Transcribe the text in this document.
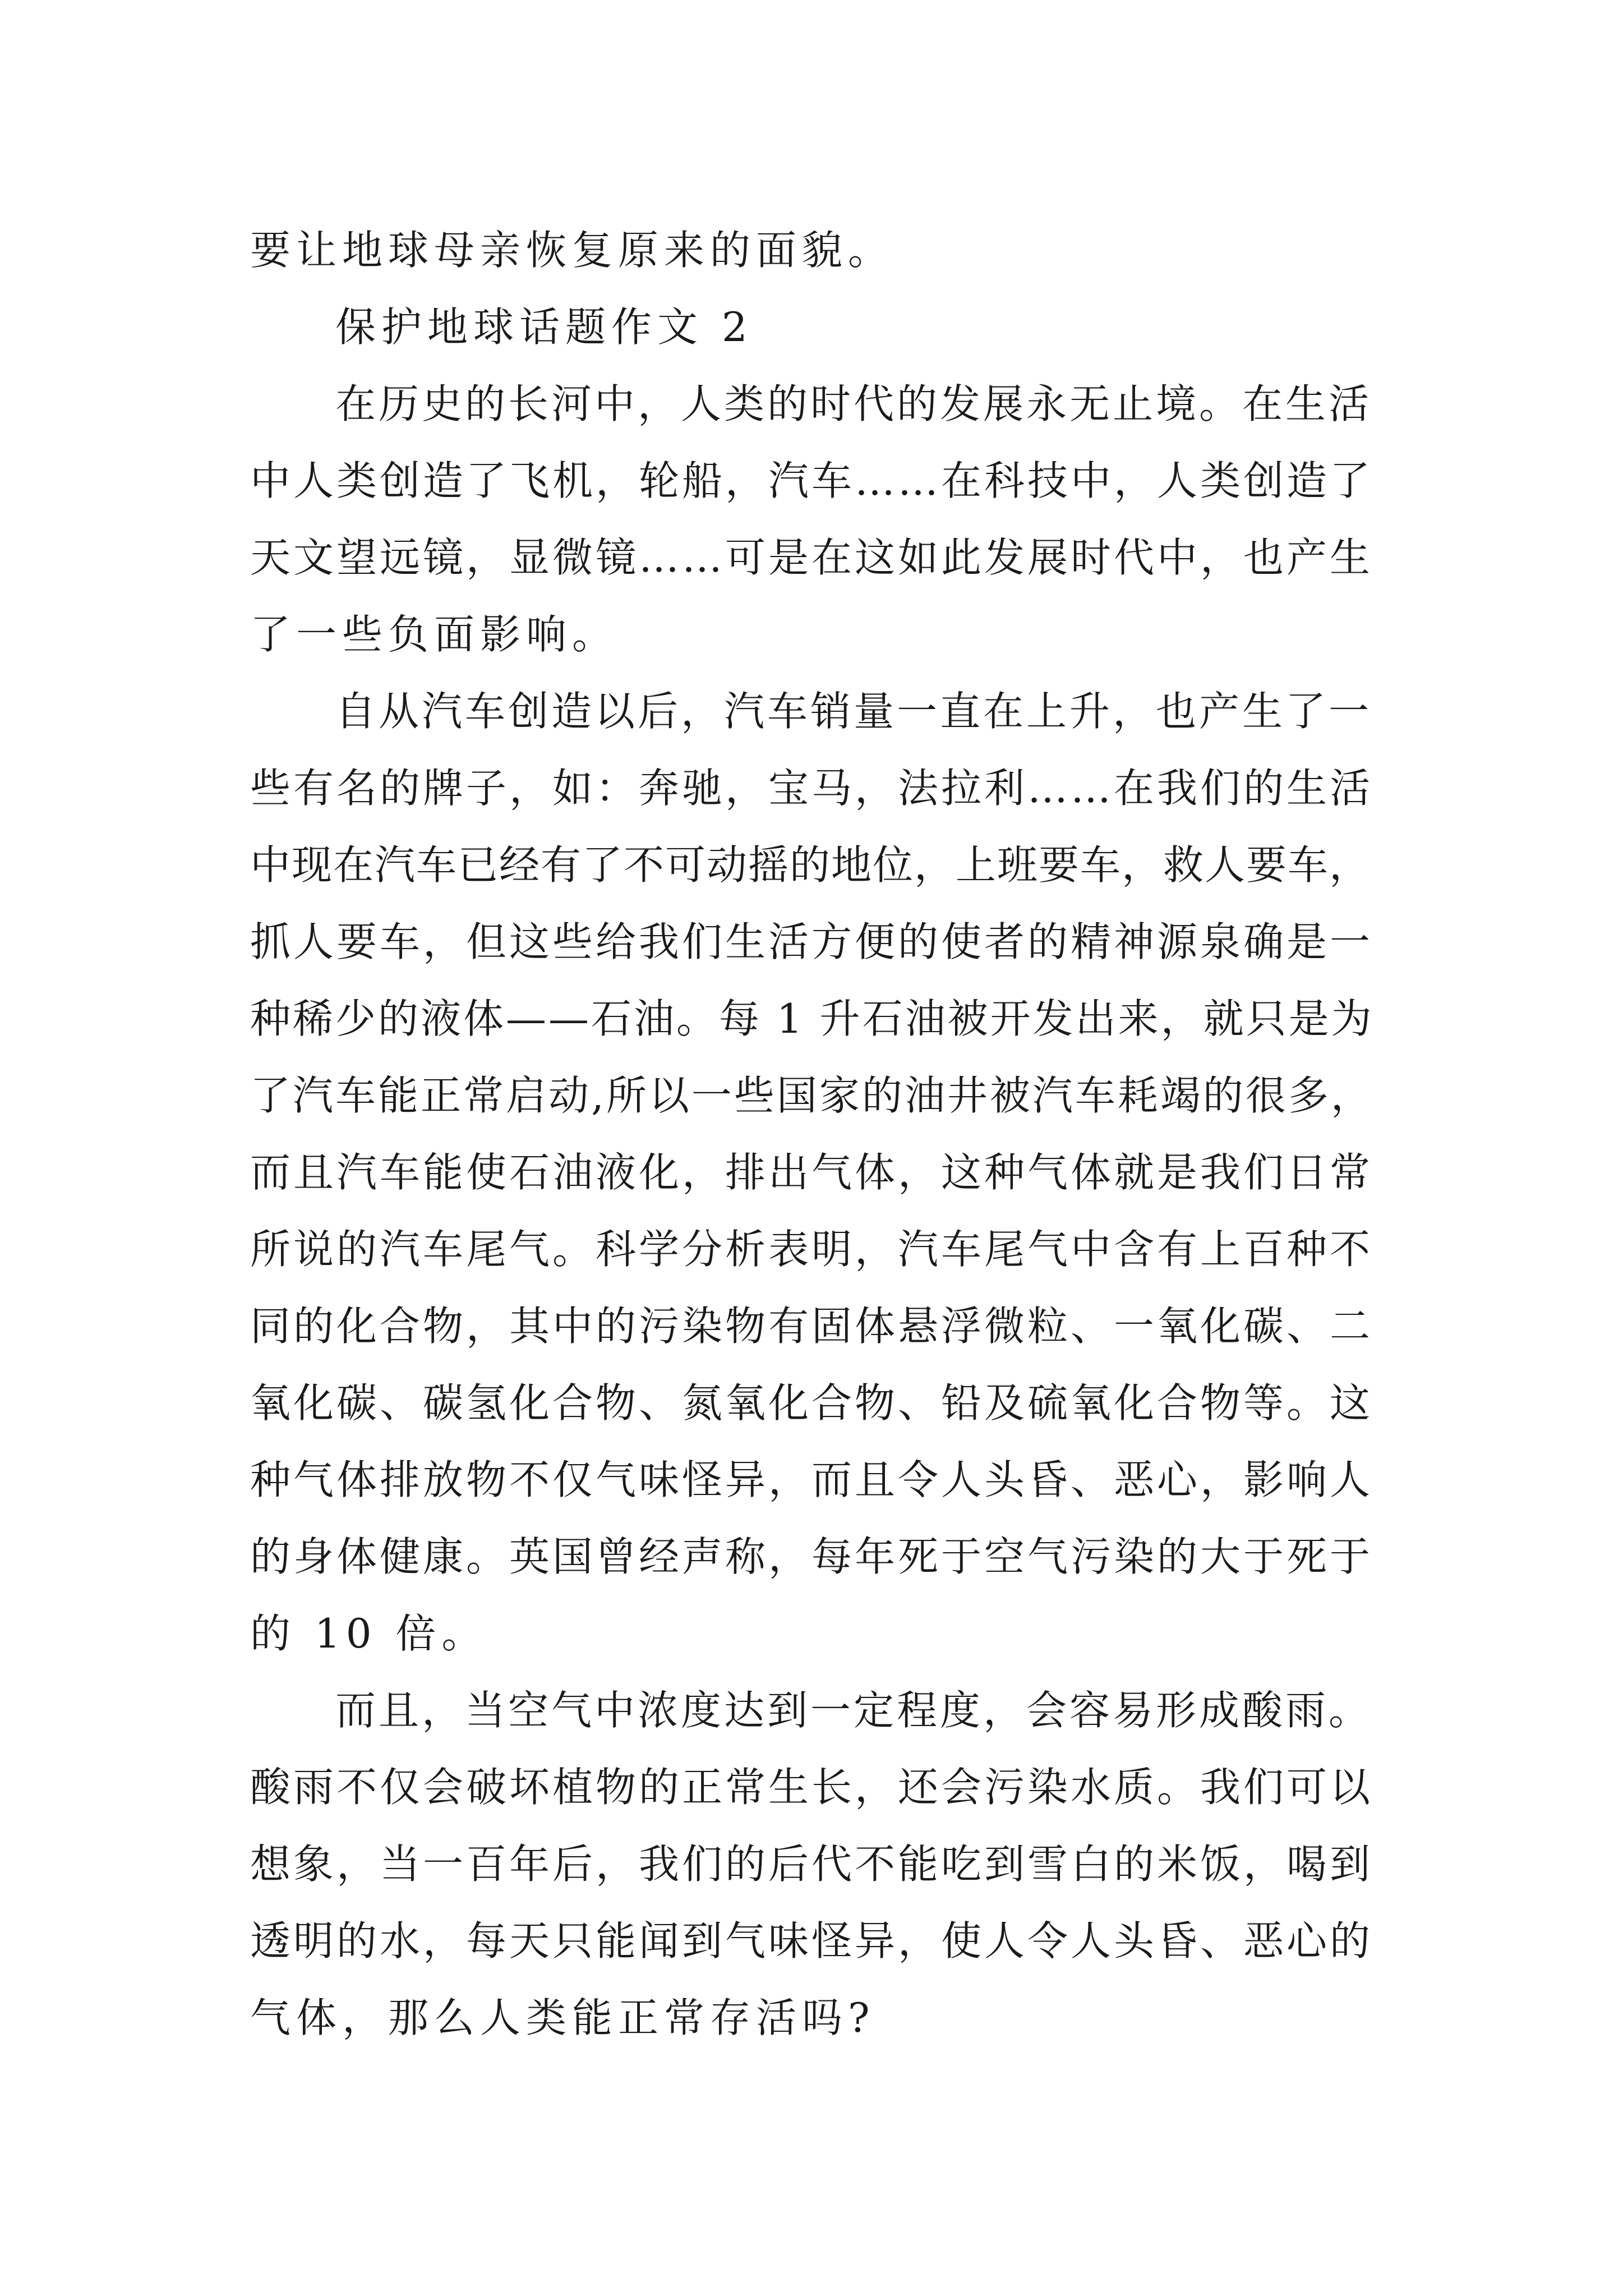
要让地球母亲恢复原来的面貌。
保护地球话题作文 2
在历史的长河中，人类的时代的发展永无止境。在生活
中人类创造了飞机，轮船，汽车……在科技中，人类创造了
天文望远镜，显微镜……可是在这如此发展时代中，也产生
了一些负面影响。
自从汽车创造以后，汽车销量一直在上升，也产生了一
些有名的牌子，如：奔驰，宝马，法拉利……在我们的生活
中现在汽车已经有了不可动摇的地位，上班要车，救人要车，
抓人要车，但这些给我们生活方便的使者的精神源泉确是一
种稀少的液体——石油。每 1 升石油被开发出来，就只是为
了汽车能正常启动,所以一些国家的油井被汽车耗竭的很多，
而且汽车能使石油液化，排出气体，这种气体就是我们日常
所说的汽车尾气。科学分析表明，汽车尾气中含有上百种不
同的化合物，其中的污染物有固体悬浮微粒、一氧化碳、二
氧化碳、碳氢化合物、氮氧化合物、铅及硫氧化合物等。这
种气体排放物不仅气味怪异，而且令人头昏、恶心，影响人
的身体健康。英国曾经声称，每年死于空气污染的大于死于
的 10 倍。
而且，当空气中浓度达到一定程度，会容易形成酸雨。
酸雨不仅会破坏植物的正常生长，还会污染水质。我们可以
想象，当一百年后，我们的后代不能吃到雪白的米饭，喝到
透明的水，每天只能闻到气味怪异，使人令人头昏、恶心的
气体，那么人类能正常存活吗?
